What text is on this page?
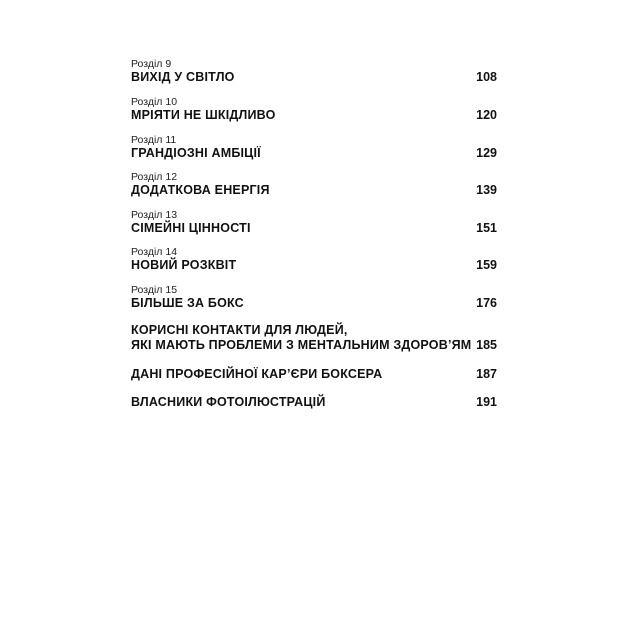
Розділ 9
ВИХІД У СВІТЛО	108
Розділ 10
МРІЯТИ НЕ ШКІДЛИВО	120
Розділ 11
ГРАНДІОЗНІ АМБІЦІЇ	129
Розділ 12
ДОДАТКОВА ЕНЕРГІЯ	139
Розділ 13
СІМЕЙНІ ЦІННОСТІ	151
Розділ 14
НОВИЙ РОЗКВІТ	159
Розділ 15
БІЛЬШЕ ЗА БОКС	176
КОРИСНІ КОНТАКТИ ДЛЯ ЛЮДЕЙ,
ЯКІ МАЮТЬ ПРОБЛЕМИ З МЕНТАЛЬНИМ ЗДОРОВ’ЯМ 185
ДАНІ ПРОФЕСІЙНОЇ КАР’ЄРИ БОКСЕРА	187
ВЛАСНИКИ ФОТОІЛЮСТРАЦІЙ	191
